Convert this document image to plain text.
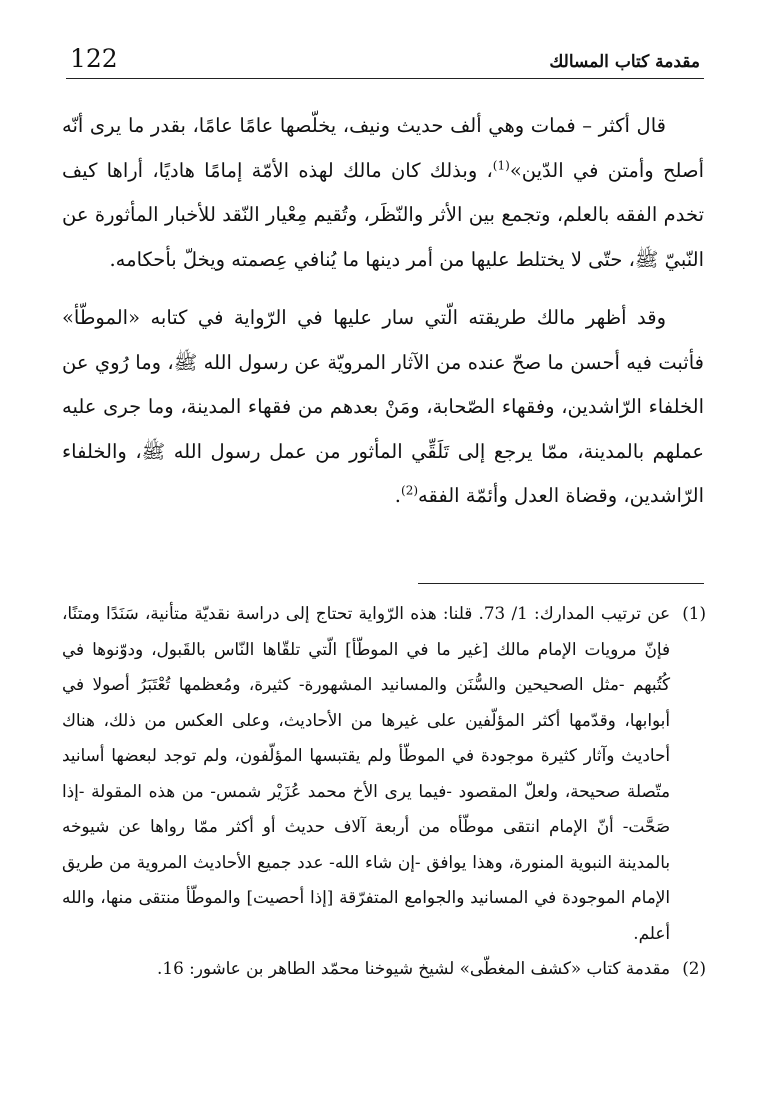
122	مقدمة كتاب المسالك

قال أكثر – فمات وهي ألف حديث ونيف، يخلّصها عامًا عامًا، بقدر ما يرى أنّه أصلح وأمتن في الدّين»$^{(1)}$، وبذلك كان مالك لهذه الأمّة إمامًا هاديًا، أراها كيف تخدم الفقه بالعلم، وتجمع بين الأثر والنّظَر، وتُقيم مِعْيار النّقد للأخبار المأثورة عن النّبيّ ﷺ، حتّى لا يختلط عليها من أمر دينها ما يُنافي عِصمته ويخلّ بأحكامه.

وقد أظهر مالك طريقته الّتي سار عليها في الرّواية في كتابه «الموطّأ» فأثبت فيه أحسن ما صحّ عنده من الآثار المرويّة عن رسول الله ﷺ، وما رُوي عن الخلفاء الرّاشدين، وفقهاء الصّحابة، ومَنْ بعدهم من فقهاء المدينة، وما جرى عليه عملهم بالمدينة، ممّا يرجع إلى تَلَقِّي المأثور من عمل رسول الله ﷺ، والخلفاء الرّاشدين، وقضاة العدل وأئمّة الفقه$^{(2)}$.

(1)
عن ترتيب المدارك: 1/ 73. قلنا: هذه الرّواية تحتاج إلى دراسة نقديّة متأنية، سَنَدًا ومتنًا، فإنّ مرويات الإمام مالك [غير ما في الموطّأ] الّتي تلقّاها النّاس بالقَبول، ودوّنوها في كُتُبهم -مثل الصحيحين والسُّنَن والمسانيد المشهورة- كثيرة، ومُعظمها تُعْتَبَرُ أصولا في أبوابها، وقدّمها أكثر المؤلّفين على غيرها من الأحاديث، وعلى العكس من ذلك، هناك أحاديث وآثار كثيرة موجودة في الموطّأ ولم يقتبسها المؤلّفون، ولم توجد لبعضها أسانيد متّصلة صحيحة، ولعلّ المقصود -فيما يرى الأخ محمد عُزَيْر شمس- من هذه المقولة -إذا صَحَّت- أنّ الإمام انتقى موطّأه من أربعة آلاف حديث أو أكثر ممّا رواها عن شيوخه بالمدينة النبوية المنورة، وهذا يوافق -إن شاء الله- عدد جميع الأحاديث المروية من طريق الإمام الموجودة في المسانيد والجوامع المتفرّقة [إذا أحصيت] والموطّأ منتقى منها، والله أعلم.
(2)
مقدمة كتاب «كشف المغطّى» لشيخ شيوخنا محمّد الطاهر بن عاشور: 16.
